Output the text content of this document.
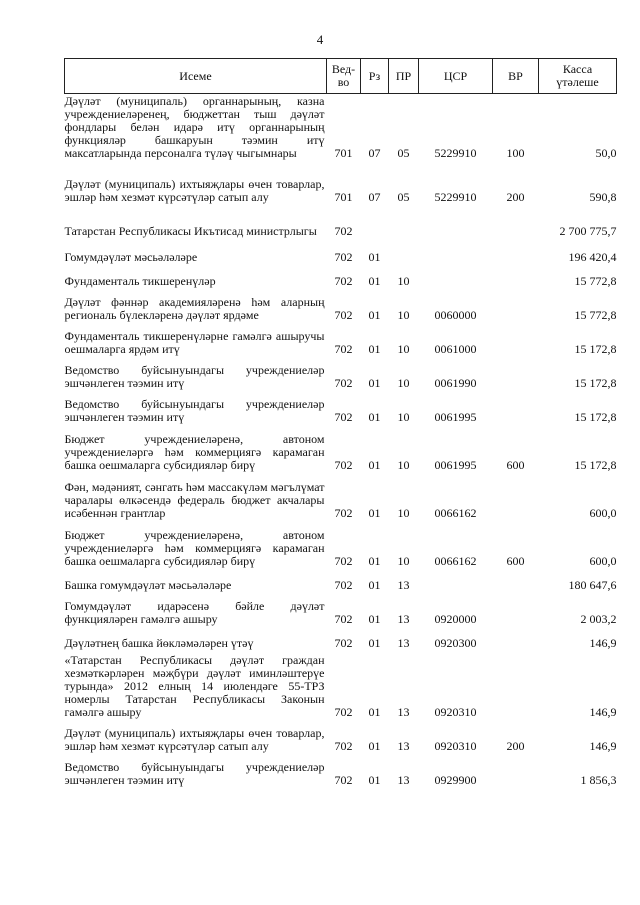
4
Исеме	Вед-во	Рз	ПР	ЦСР	ВР	Касса үтәлеше
Дәүләт (муниципаль) органнарының, казна учреждениеләренең, бюджеттан тыш дәүләт фондлары белән идарә итү органнарының функцияләр башкаруын тәэмин итү максатларында персоналга түләү чыгымнары	701	07	05	5229910	100	50,0
Дәүләт (муниципаль) ихтыяҗлары өчен товарлар, эшләр һәм хезмәт күрсәтүләр сатып алу	701	07	05	5229910	200	590,8
Татарстан Республикасы Икътисад министрлыгы	702					2 700 775,7
Гомумдәүләт мәсьәләләре	702	01				196 420,4
Фундаменталь тикшеренүләр	702	01	10			15 772,8
Дәүләт фәннәр академияләренә һәм аларның региональ бүлекләренә дәүләт ярдәме	702	01	10	0060000		15 772,8
Фундаменталь тикшеренүләрне гамәлгә ашыручы оешмаларга ярдәм итү	702	01	10	0061000		15 172,8
Ведомство буйсынуындагы учреждениеләр эшчәнлеген тәэмин итү	702	01	10	0061990		15 172,8
Ведомство буйсынуындагы учреждениеләр эшчәнлеген тәэмин итү	702	01	10	0061995		15 172,8
Бюджет учреждениеләренә, автоном учреждениеләргә һәм коммерциягә карамаган башка оешмаларга субсидияләр бирү	702	01	10	0061995	600	15 172,8
Фән, мәдәният, сәнгать һәм массакүләм мәгълүмат чаралары өлкәсендә федераль бюджет акчалары исәбеннән грантлар	702	01	10	0066162		600,0
Бюджет учреждениеләренә, автоном учреждениеләргә һәм коммерциягә карамаган башка оешмаларга субсидияләр бирү	702	01	10	0066162	600	600,0
Башка гомумдәүләт мәсьәләләре	702	01	13			180 647,6
Гомумдәүләт идарәсенә бәйле дәүләт функцияләрен гамәлгә ашыру	702	01	13	0920000		2 003,2
Дәүләтнең башка йөкләмәләрен үтәү	702	01	13	0920300		146,9
«Татарстан Республикасы дәүләт граждан хезмәткәрләрен мәҗбүри дәүләт иминләштерүе турында» 2012 елның 14 июлендәге 55-ТРЗ номерлы Татарстан Республикасы Законын гамәлгә ашыру	702	01	13	0920310		146,9
Дәүләт (муниципаль) ихтыяҗлары өчен товарлар, эшләр һәм хезмәт күрсәтүләр сатып алу	702	01	13	0920310	200	146,9
Ведомство буйсынуындагы учреждениеләр эшчәнлеген тәэмин итү	702	01	13	0929900		1 856,3
